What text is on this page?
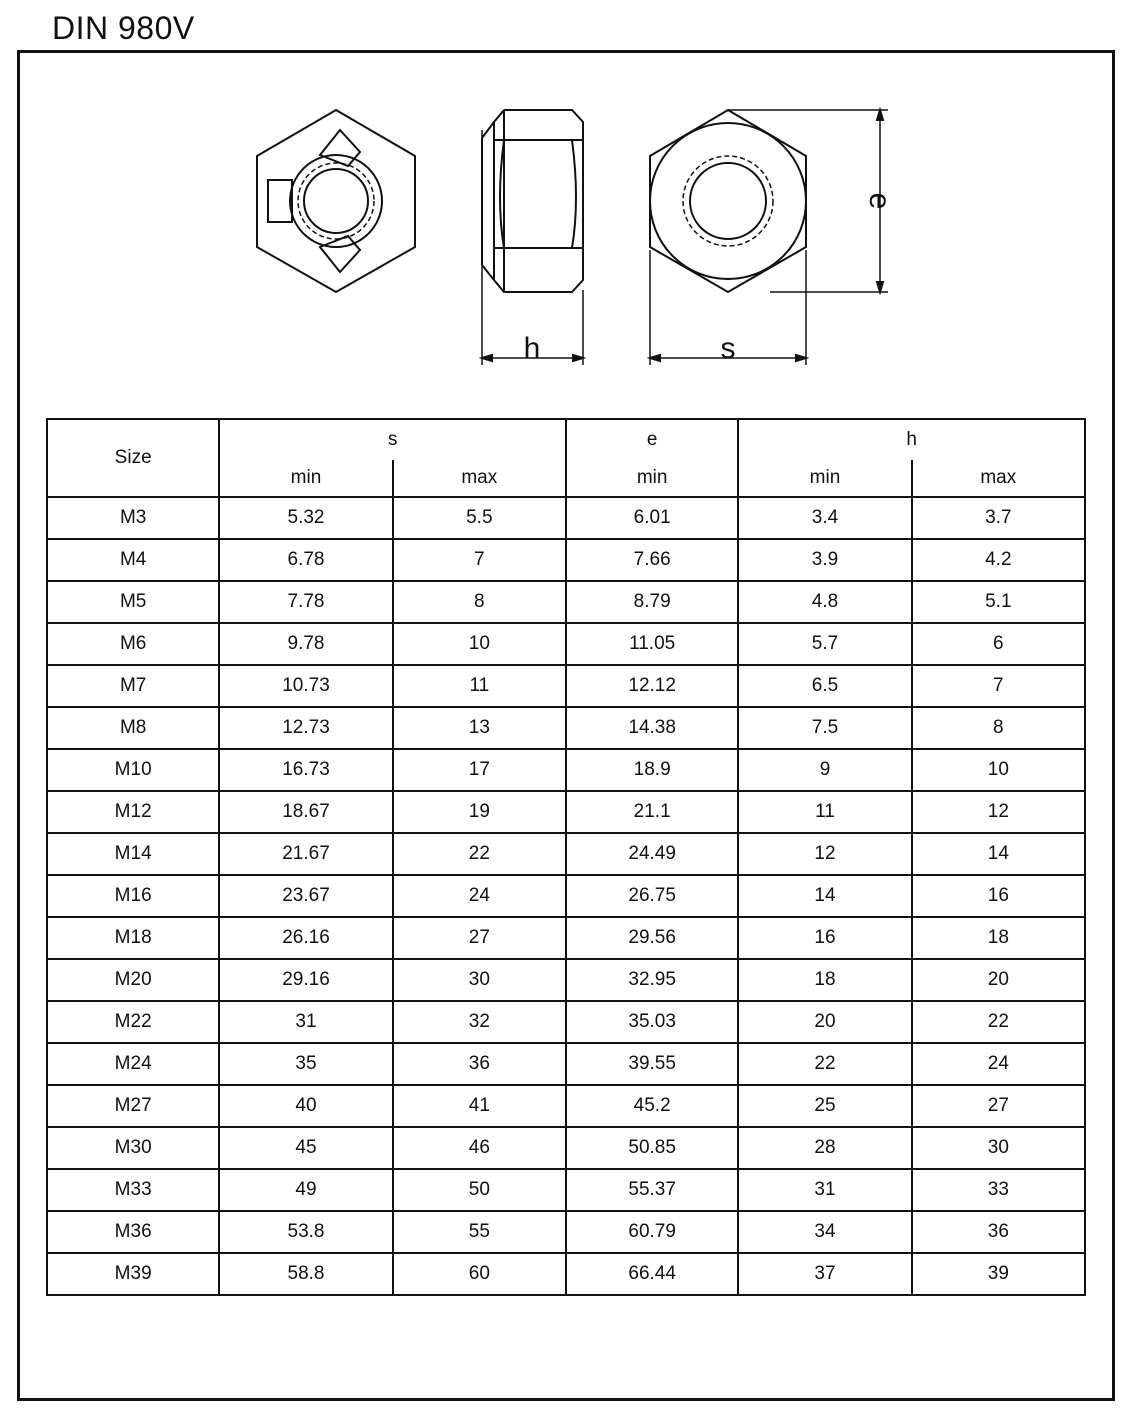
DIN 980V
h	s
e
Size	s		e	h	
	min	max	min	min	max
M3	5.32	5.5	6.01	3.4	3.7
M4	6.78	7	7.66	3.9	4.2
M5	7.78	8	8.79	4.8	5.1
M6	9.78	10	11.05	5.7	6
M7	10.73	11	12.12	6.5	7
M8	12.73	13	14.38	7.5	8
M10	16.73	17	18.9	9	10
M12	18.67	19	21.1	11	12
M14	21.67	22	24.49	12	14
M16	23.67	24	26.75	14	16
M18	26.16	27	29.56	16	18
M20	29.16	30	32.95	18	20
M22	31	32	35.03	20	22
M24	35	36	39.55	22	24
M27	40	41	45.2	25	27
M30	45	46	50.85	28	30
M33	49	50	55.37	31	33
M36	53.8	55	60.79	34	36
M39	58.8	60	66.44	37	39
